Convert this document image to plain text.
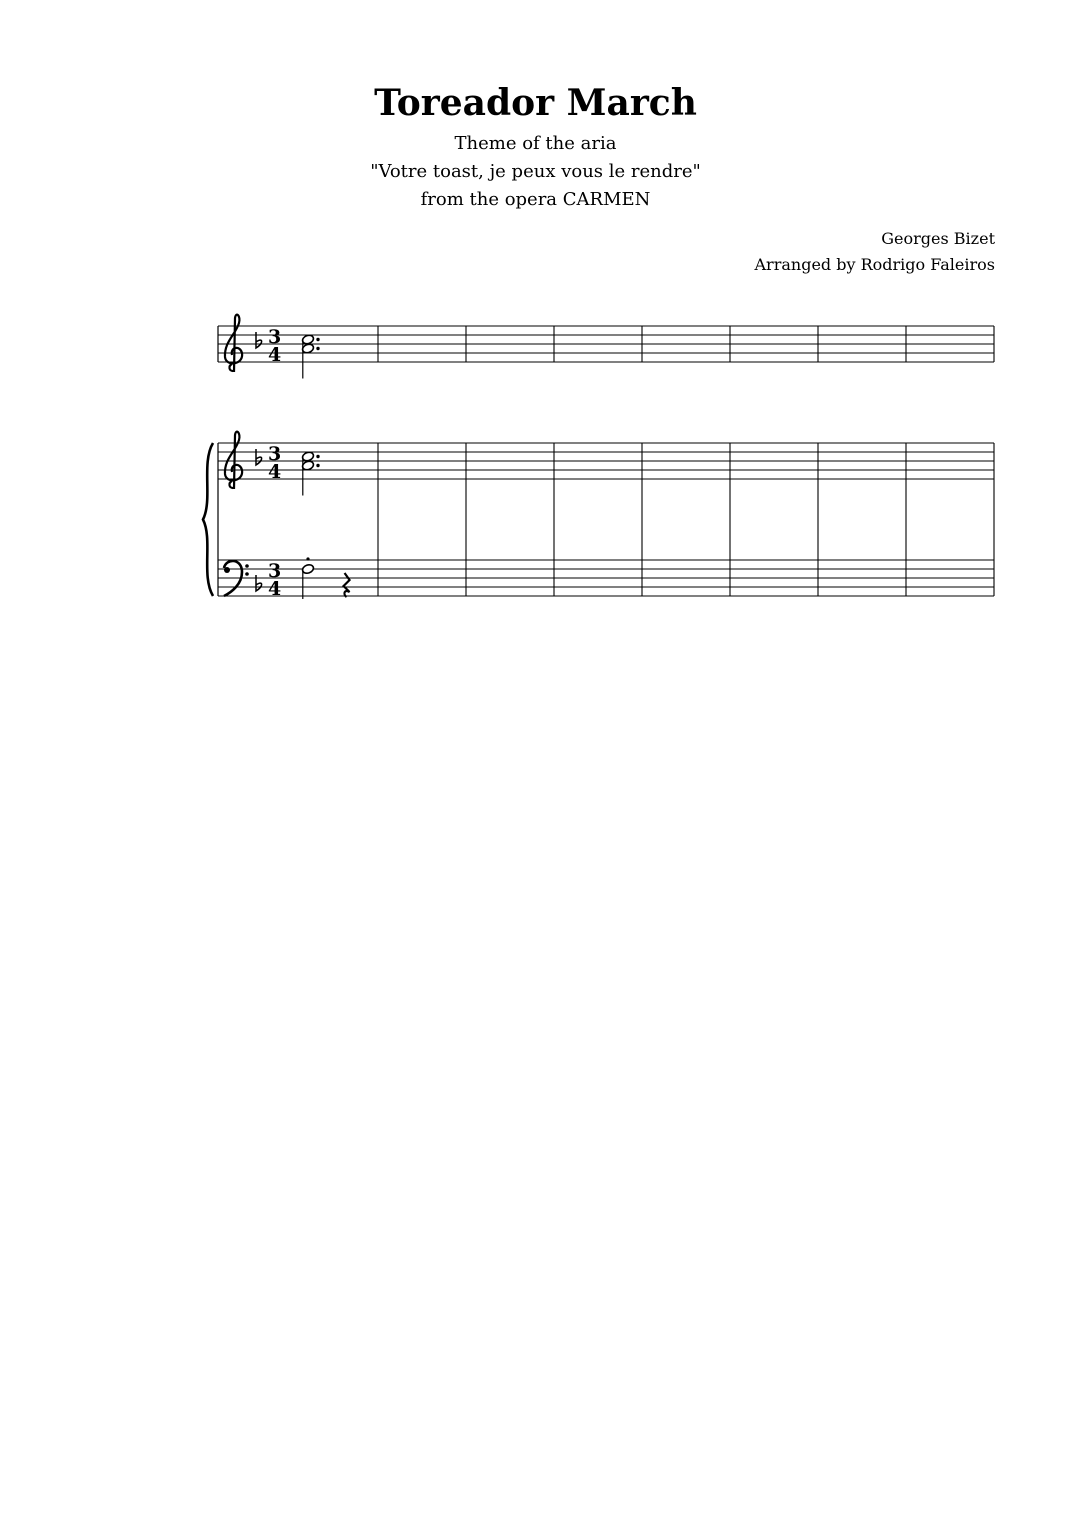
Toreador March
Theme of the aria
"Votre toast, je peux vous le rendre"
from the opera CARMEN
Georges Bizet
Arranged by Rodrigo Faleiros
3
4
3
4
3
4
